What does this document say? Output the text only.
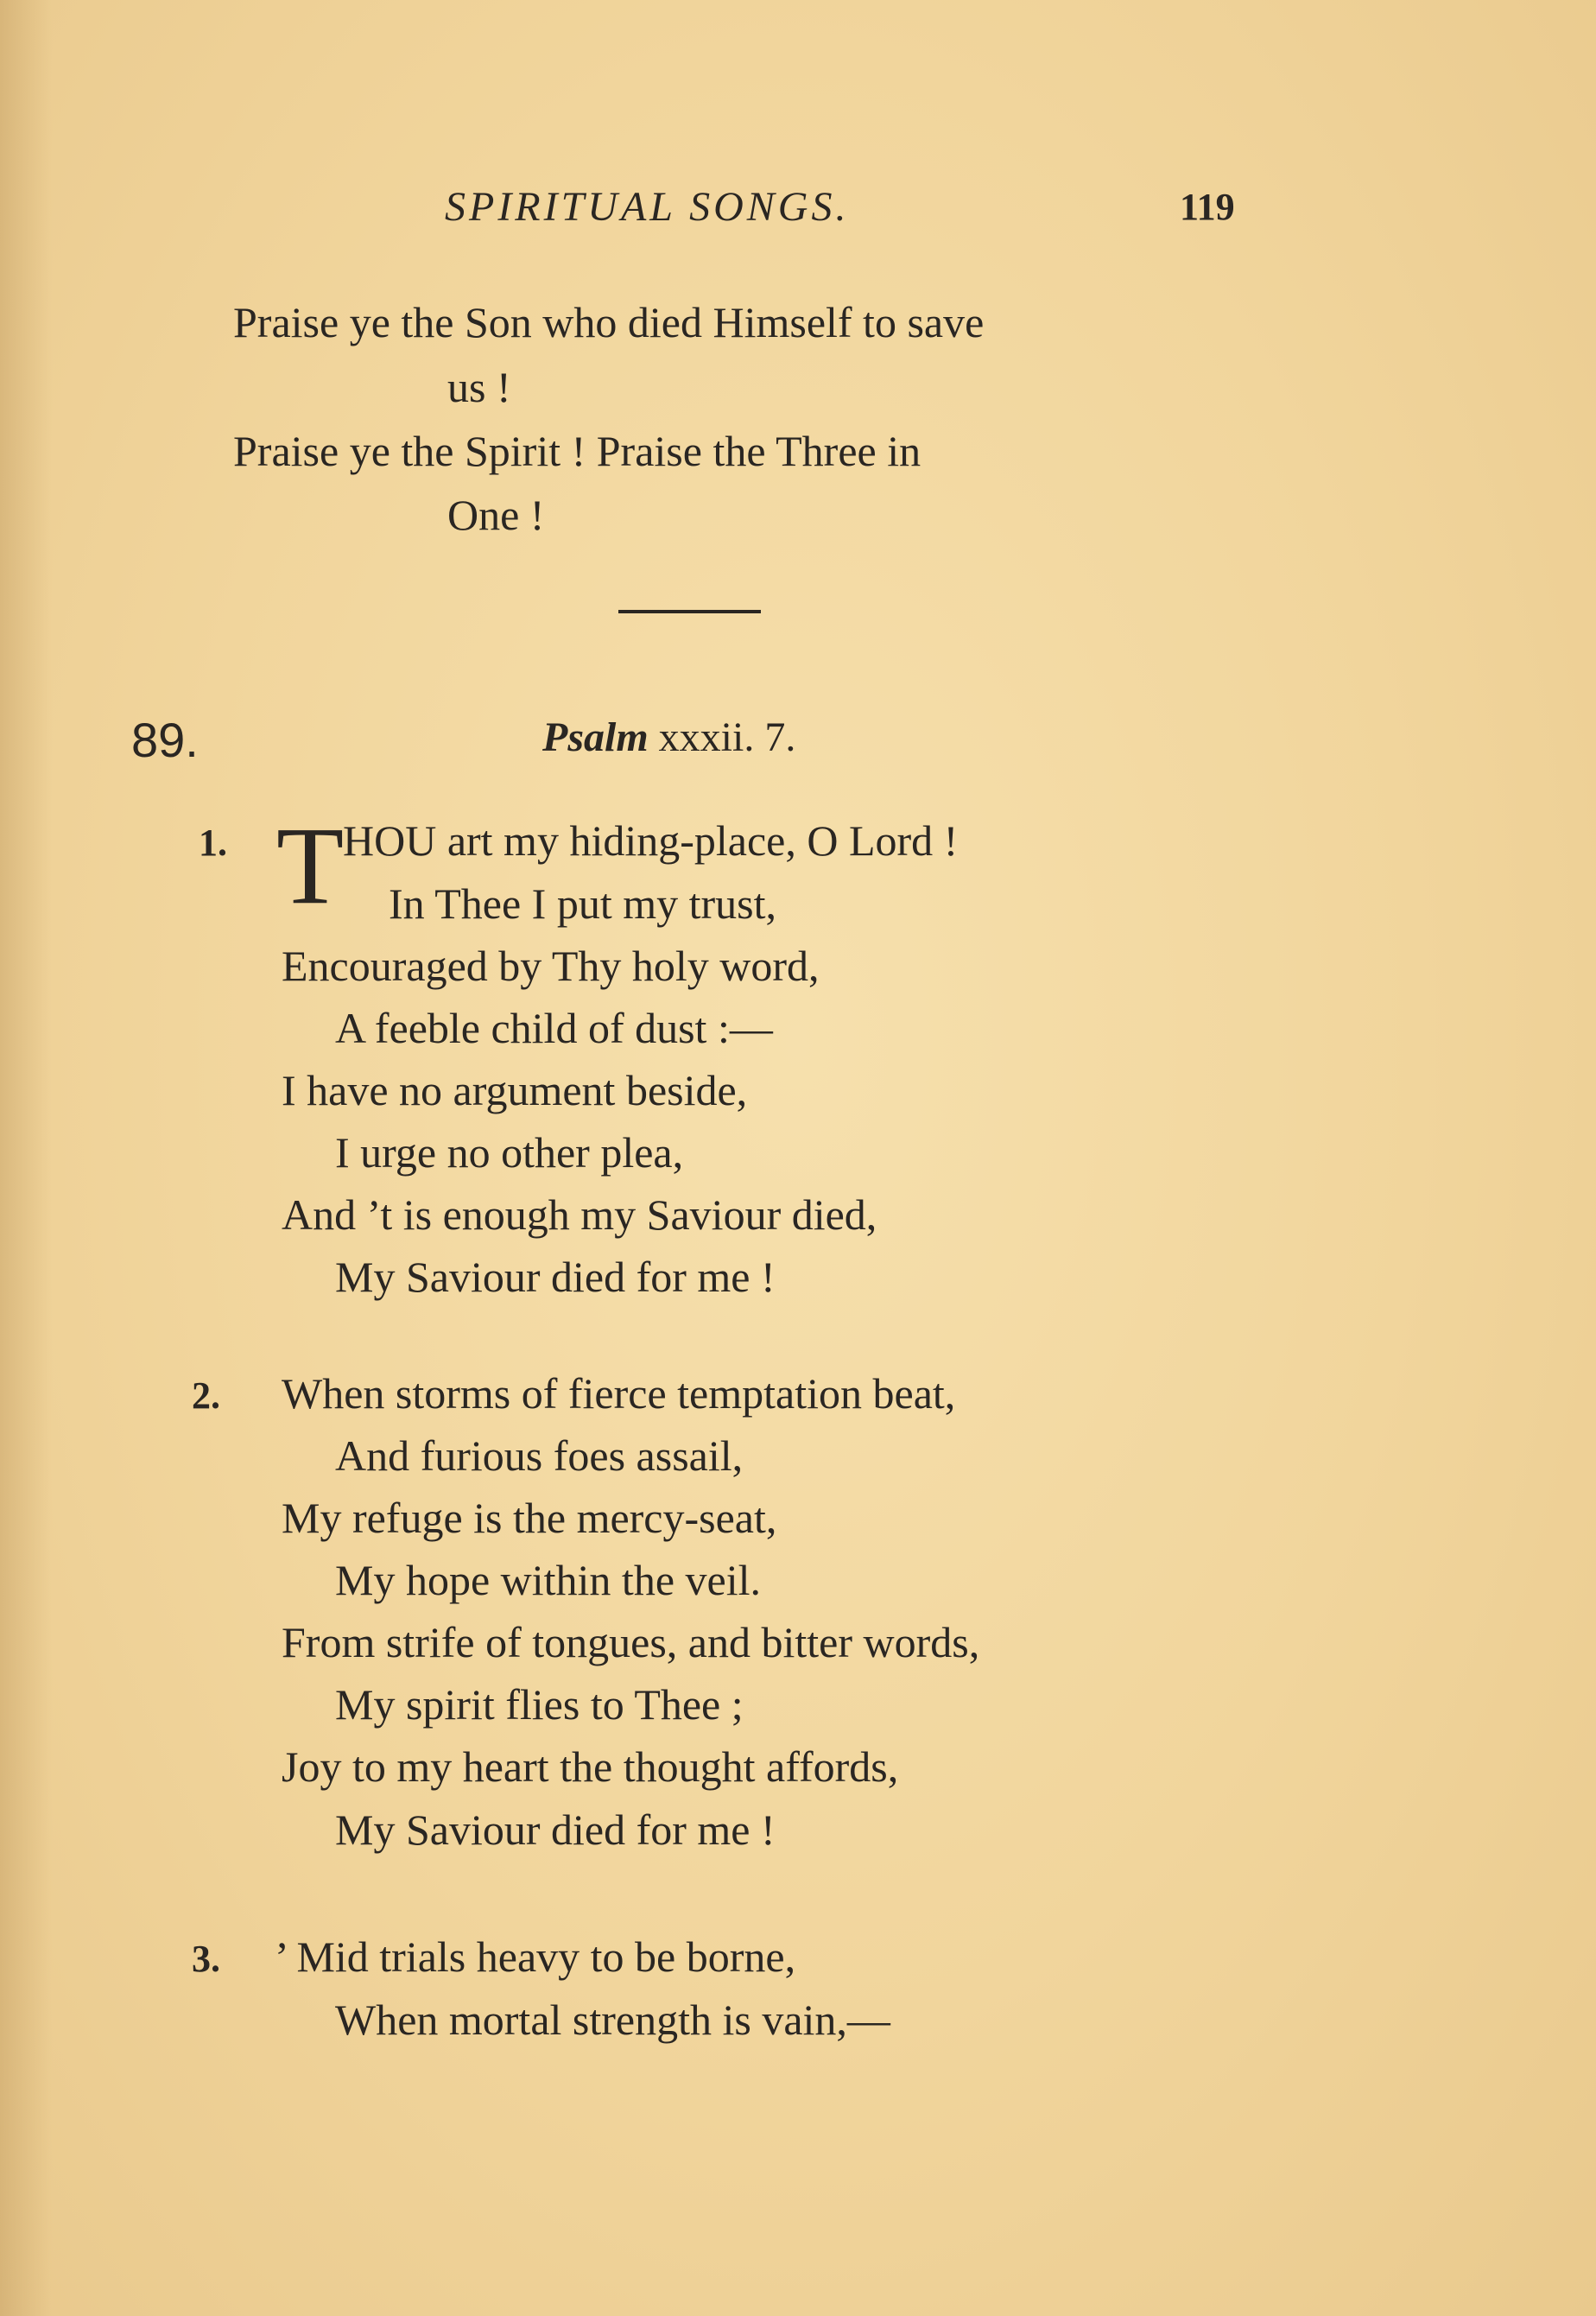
SPIRITUAL SONGS.	119
Praise ye the Son who died Himself to save
us !
Praise ye the Spirit ! Praise the Three in
One !
89.	Psalm xxxii. 7.
1. T
HOU art my hiding-place, O Lord !
In Thee I put my trust,
Encouraged by Thy holy word,
A feeble child of dust :—
I have no argument beside,
I urge no other plea,
And ’t is enough my Saviour died,
My Saviour died for me !
2. When storms of fierce temptation beat,
And furious foes assail,
My refuge is the mercy-seat,
My hope within the veil.
From strife of tongues, and bitter words,
My spirit flies to Thee ;
Joy to my heart the thought affords,
My Saviour died for me !
3. ’ Mid trials heavy to be borne,
When mortal strength is vain,—
